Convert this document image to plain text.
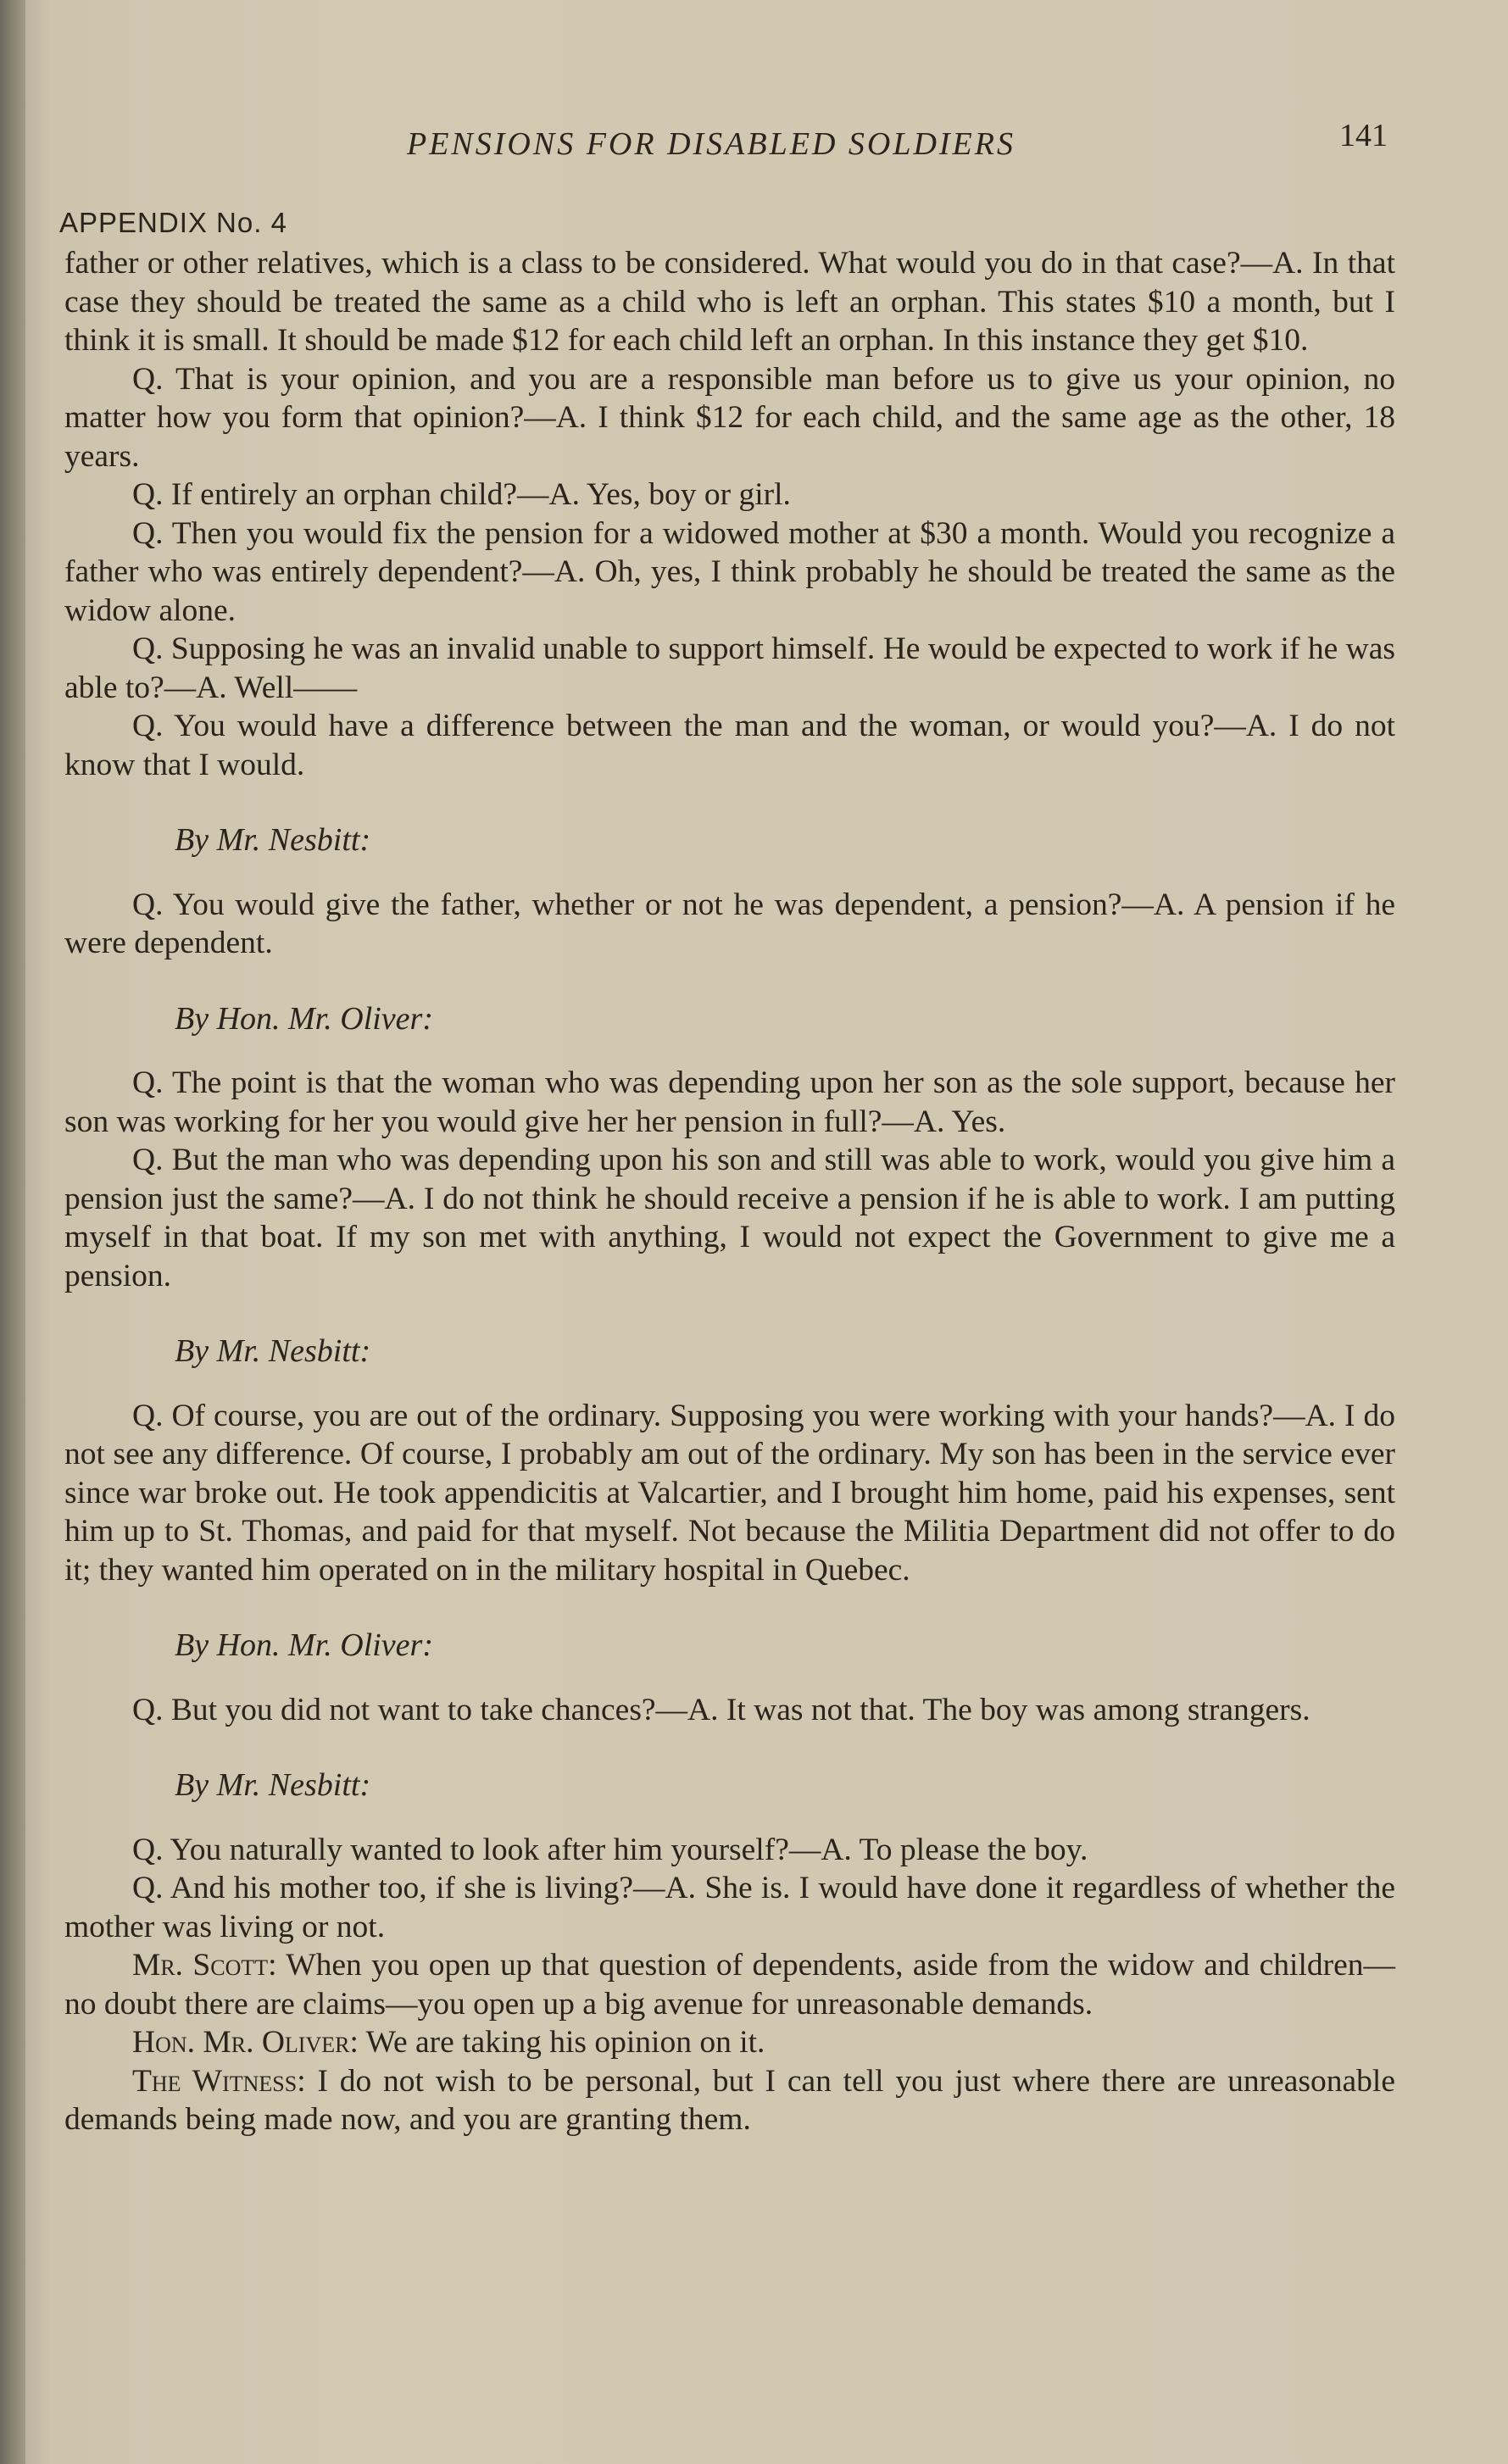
PENSIONS FOR DISABLED SOLDIERS	141
APPENDIX No. 4

father or other relatives, which is a class to be considered. What would you do in that case?—A. In that case they should be treated the same as a child who is left an orphan. This states $10 a month, but I think it is small. It should be made $12 for each child left an orphan. In this instance they get $10.

Q. That is your opinion, and you are a responsible man before us to give us your opinion, no matter how you form that opinion?—A. I think $12 for each child, and the same age as the other, 18 years.

Q. If entirely an orphan child?—A. Yes, boy or girl.

Q. Then you would fix the pension for a widowed mother at $30 a month. Would you recognize a father who was entirely dependent?—A. Oh, yes, I think probably he should be treated the same as the widow alone.

Q. Supposing he was an invalid unable to support himself. He would be expected to work if he was able to?—A. Well——

Q. You would have a difference between the man and the woman, or would you?—A. I do not know that I would.

By Mr. Nesbitt:

Q. You would give the father, whether or not he was dependent, a pension?—A. A pension if he were dependent.

By Hon. Mr. Oliver:

Q. The point is that the woman who was depending upon her son as the sole support, because her son was working for her you would give her her pension in full?—A. Yes.

Q. But the man who was depending upon his son and still was able to work, would you give him a pension just the same?—A. I do not think he should receive a pension if he is able to work. I am putting myself in that boat. If my son met with anything, I would not expect the Government to give me a pension.

By Mr. Nesbitt:

Q. Of course, you are out of the ordinary. Supposing you were working with your hands?—A. I do not see any difference. Of course, I probably am out of the ordinary. My son has been in the service ever since war broke out. He took appendicitis at Valcartier, and I brought him home, paid his expenses, sent him up to St. Thomas, and paid for that myself. Not because the Militia Department did not offer to do it; they wanted him operated on in the military hospital in Quebec.

By Hon. Mr. Oliver:

Q. But you did not want to take chances?—A. It was not that. The boy was among strangers.

By Mr. Nesbitt:

Q. You naturally wanted to look after him yourself?—A. To please the boy.

Q. And his mother too, if she is living?—A. She is. I would have done it regardless of whether the mother was living or not.

Mr. Scott: When you open up that question of dependents, aside from the widow and children—no doubt there are claims—you open up a big avenue for unreasonable demands.

Hon. Mr. Oliver: We are taking his opinion on it.

The Witness: I do not wish to be personal, but I can tell you just where there are unreasonable demands being made now, and you are granting them.
